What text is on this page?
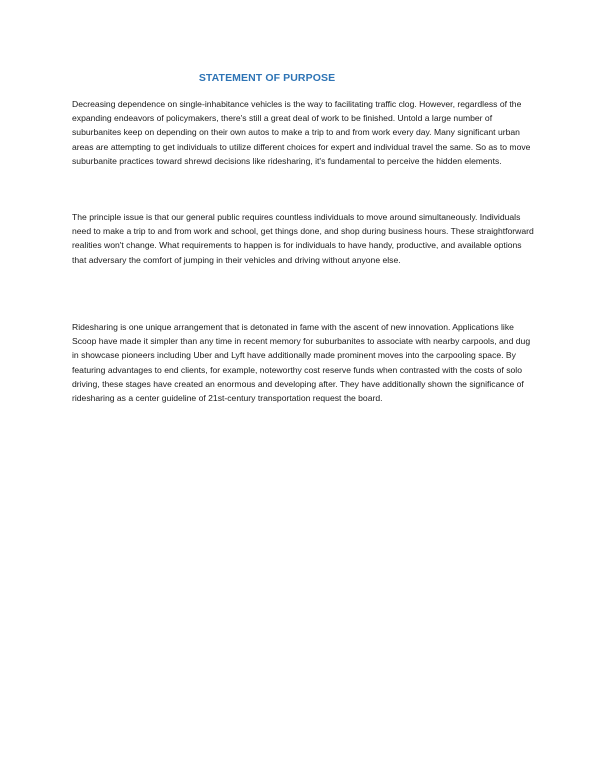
STATEMENT OF PURPOSE

Decreasing dependence on single-inhabitance vehicles is the way to facilitating traffic clog. However, regardless of the expanding endeavors of policymakers, there's still a great deal of work to be finished. Untold a large number of suburbanites keep on depending on their own autos to make a trip to and from work every day. Many significant urban areas are attempting to get individuals to utilize different choices for expert and individual travel the same. So as to move suburbanite practices toward shrewd decisions like ridesharing, it's fundamental to perceive the hidden elements.

The principle issue is that our general public requires countless individuals to move around simultaneously. Individuals need to make a trip to and from work and school, get things done, and shop during business hours. These straightforward realities won't change. What requirements to happen is for individuals to have handy, productive, and available options that adversary the comfort of jumping in their vehicles and driving without anyone else.

Ridesharing is one unique arrangement that is detonated in fame with the ascent of new innovation. Applications like Scoop have made it simpler than any time in recent memory for suburbanites to associate with nearby carpools, and dug in showcase pioneers including Uber and Lyft have additionally made prominent moves into the carpooling space. By featuring advantages to end clients, for example, noteworthy cost reserve funds when contrasted with the costs of solo driving, these stages have created an enormous and developing after. They have additionally shown the significance of ridesharing as a center guideline of 21st-century transportation request the board.
